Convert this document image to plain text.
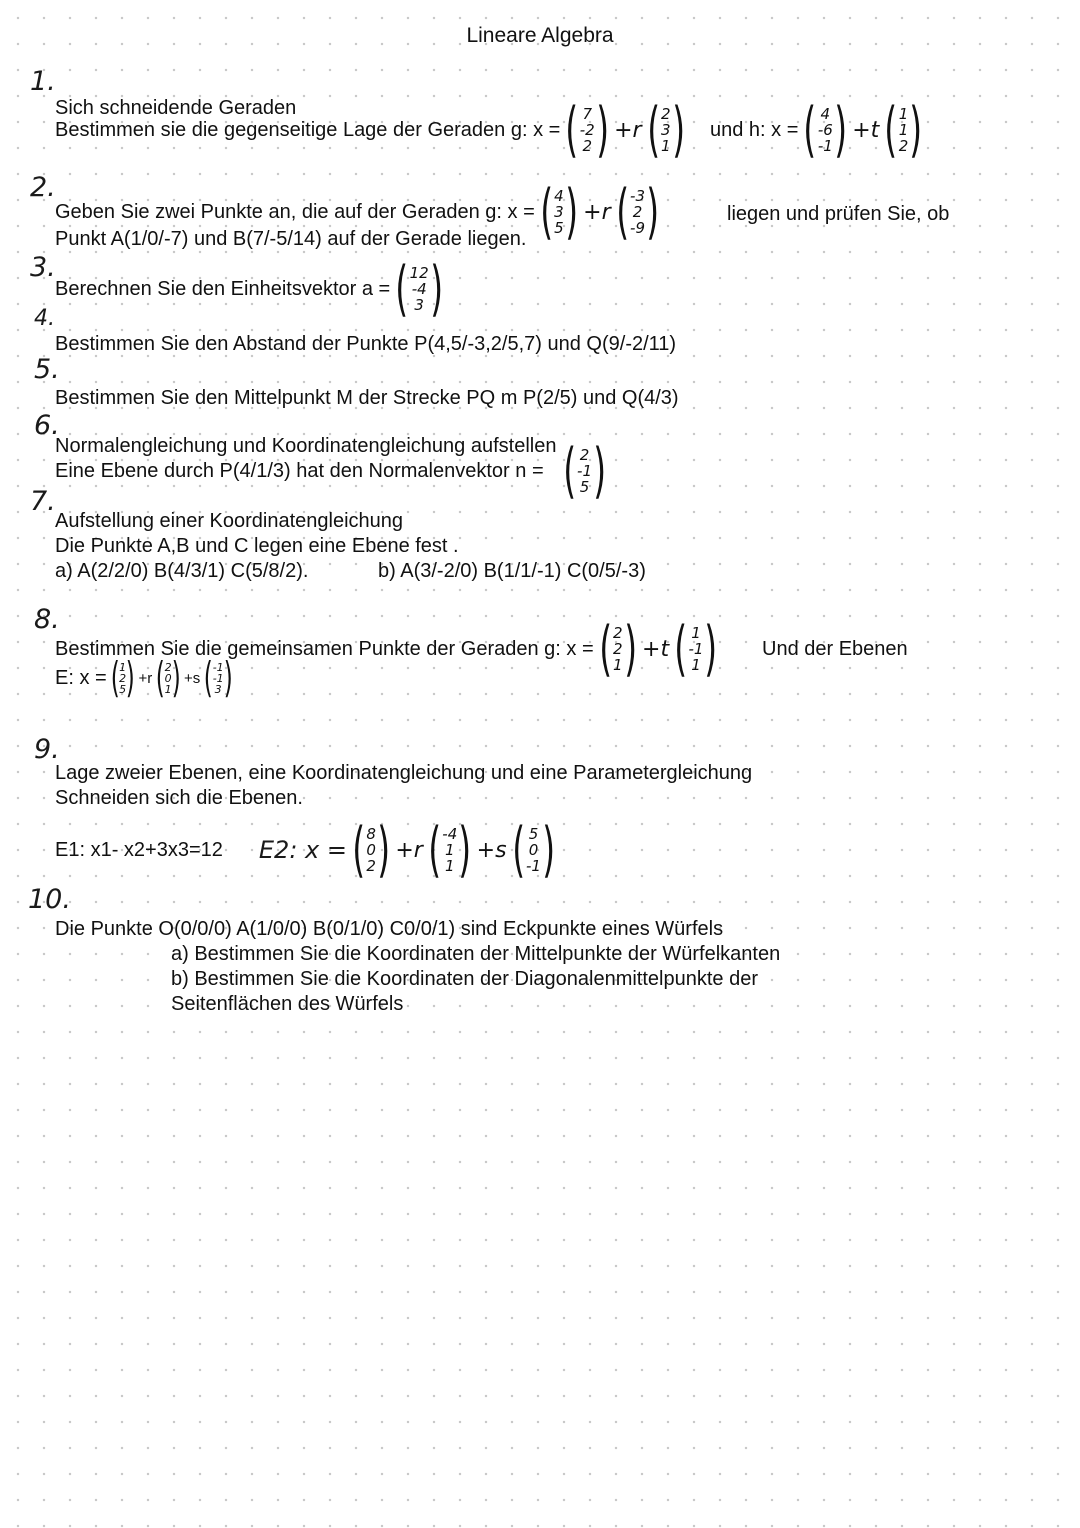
Lineare Algebra
1.
Sich schneidende Geraden
Bestimmen sie die gegenseitige Lage der Geraden g: x = ( 7
-2
2 ) +r ( 2
3
1 ) und h: x = ( 4
-6
-1 ) +t ( 1
1
2 )
2.
Geben Sie zwei Punkte an, die auf der Geraden g: x = ( 4
3
5 ) +r ( -3
2
-9 )	liegen und prüfen Sie, ob
Punkt A(1/0/-7) und B(7/-5/14) auf der Gerade liegen.
3.
Berechnen Sie den Einheitsvektor a = ( 12
-4
3 )
4.
Bestimmen Sie den Abstand der Punkte P(4,5/-3,2/5,7) und Q(9/-2/11)
5.
Bestimmen Sie den Mittelpunkt M der Strecke PQ m P(2/5) und Q(4/3)
6.
Normalengleichung und Koordinatengleichung aufstellen
Eine Ebene durch P(4/1/3) hat den Normalenvektor n = ( 2
-1
5 )
7.
Aufstellung einer Koordinatengleichung
Die Punkte A,B und C legen eine Ebene fest .
a) A(2/2/0) B(4/3/1) C(5/8/2).	b) A(3/-2/0) B(1/1/-1) C(0/5/-3)
8.
Bestimmen Sie die gemeinsamen Punkte der Geraden g: x = ( 2
2
1 ) +t ( 1
-1
1 ) Und der Ebenen
E: x = ( 1
2
5 ) +r ( 2
0
1 ) +s ( -1
-1
3 )
9.
Lage zweier Ebenen, eine Koordinatengleichung und eine Parametergleichung
Schneiden sich die Ebenen.
E1: x1- x2+3x3=12 E2: x = ( 8
0
2 ) +r ( -4
1
1 ) +s ( 5
0
-1 )
10.
Die Punkte O(0/0/0) A(1/0/0) B(0/1/0) C0/0/1) sind Eckpunkte eines Würfels
a) Bestimmen Sie die Koordinaten der Mittelpunkte der Würfelkanten
b) Bestimmen Sie die Koordinaten der Diagonalenmittelpunkte der
Seitenflächen des Würfels
